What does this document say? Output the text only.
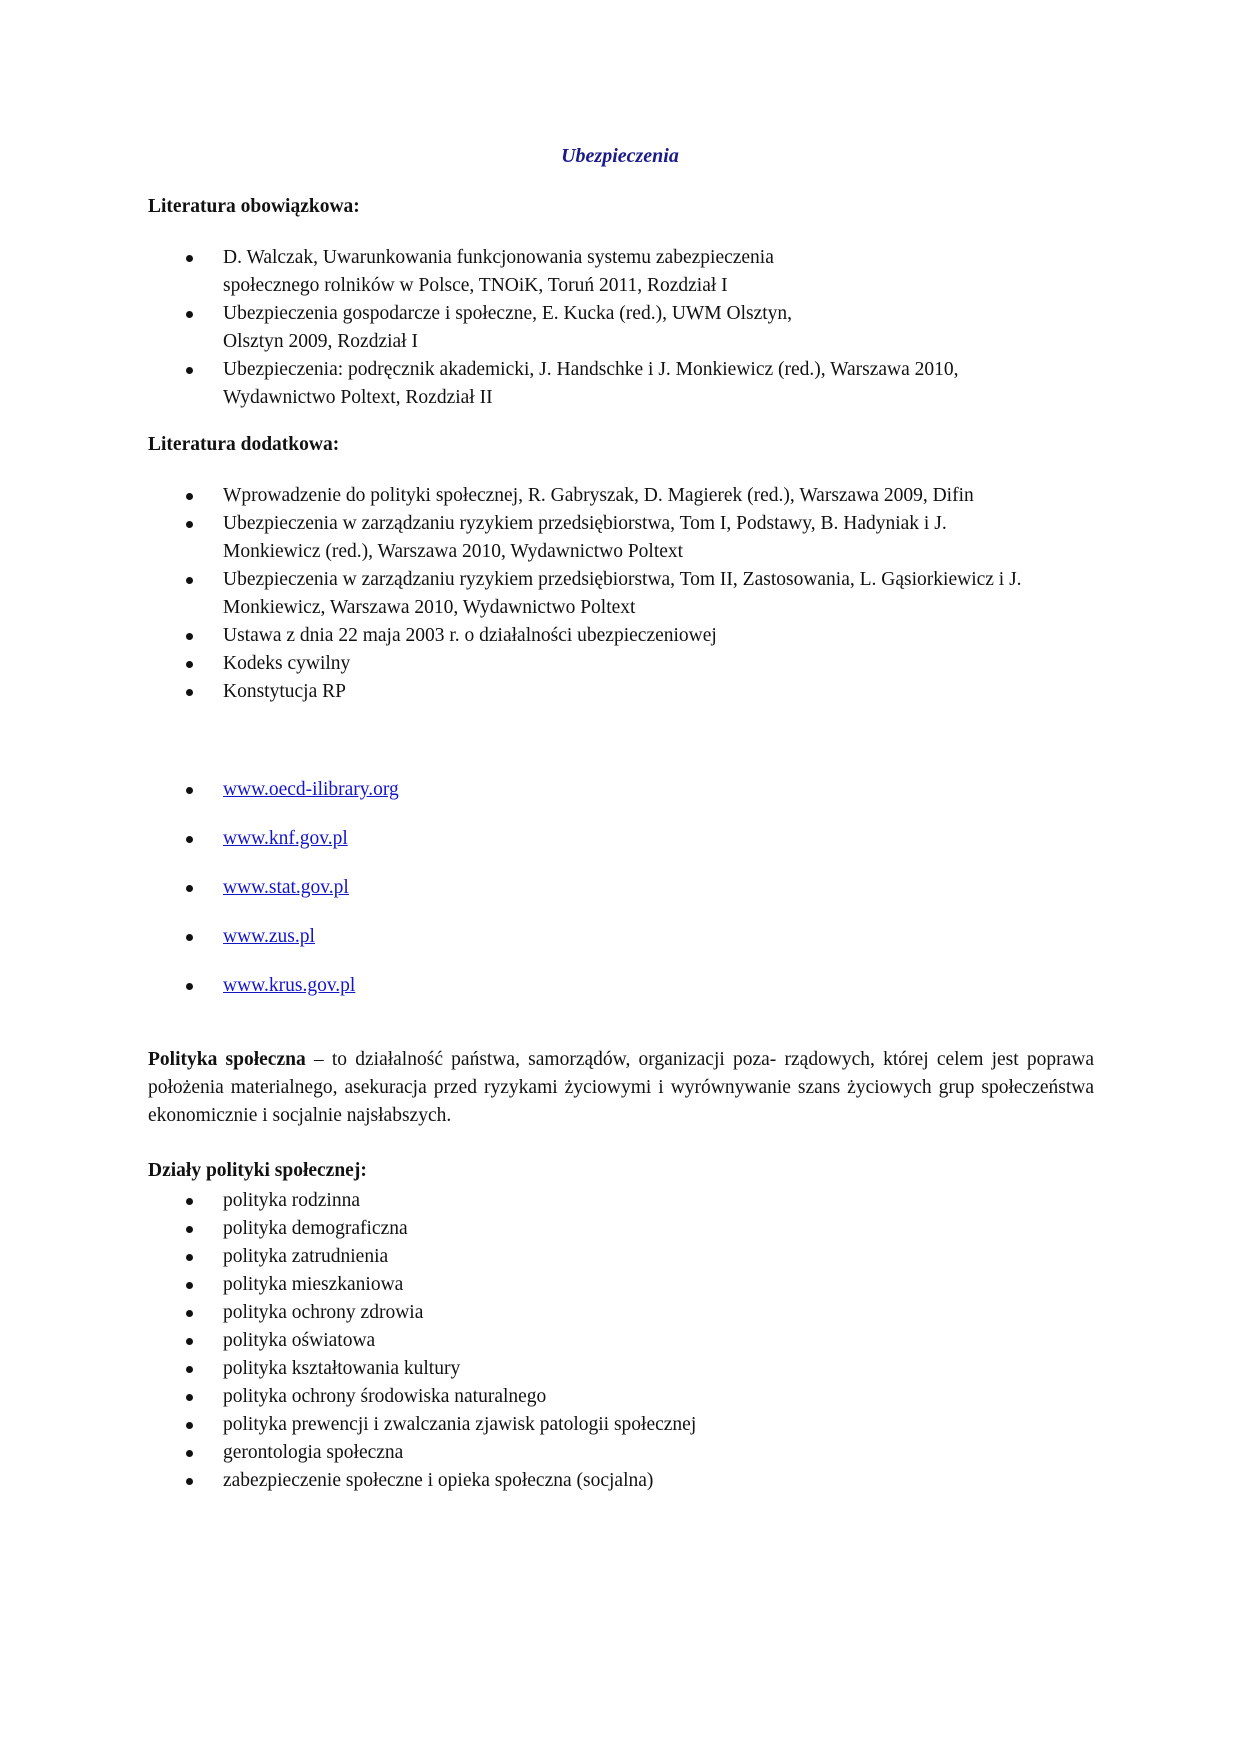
Ubezpieczenia
Literatura obowiązkowa:
D. Walczak, Uwarunkowania funkcjonowania systemu zabezpieczenia
społecznego rolników w Polsce, TNOiK, Toruń 2011, Rozdział I
Ubezpieczenia gospodarcze i społeczne, E. Kucka (red.), UWM Olsztyn,
Olsztyn 2009, Rozdział I
Ubezpieczenia: podręcznik akademicki, J. Handschke i J. Monkiewicz (red.), Warszawa 2010,
Wydawnictwo Poltext, Rozdział II
Literatura dodatkowa:
Wprowadzenie do polityki społecznej, R. Gabryszak, D. Magierek (red.), Warszawa 2009, Difin
Ubezpieczenia w zarządzaniu ryzykiem przedsiębiorstwa, Tom I, Podstawy, B. Hadyniak i J.
Monkiewicz (red.), Warszawa 2010, Wydawnictwo Poltext
Ubezpieczenia w zarządzaniu ryzykiem przedsiębiorstwa, Tom II, Zastosowania, L. Gąsiorkiewicz i J.
Monkiewicz, Warszawa 2010, Wydawnictwo Poltext
Ustawa z dnia 22 maja 2003 r. o działalności ubezpieczeniowej
Kodeks cywilny
Konstytucja RP
www.oecd-ilibrary.org
www.knf.gov.pl
www.stat.gov.pl
www.zus.pl
www.krus.gov.pl
Polityka społeczna – to działalność państwa, samorządów, organizacji poza- rządowych, której celem jest poprawa położenia materialnego, asekuracja przed ryzykami życiowymi i wyrównywanie szans życiowych grup społeczeństwa ekonomicznie i socjalnie najsłabszych.
Działy polityki społecznej:
polityka rodzinna
polityka demograficzna
polityka zatrudnienia
polityka mieszkaniowa
polityka ochrony zdrowia
polityka oświatowa
polityka kształtowania kultury
polityka ochrony środowiska naturalnego
polityka prewencji i zwalczania zjawisk patologii społecznej
gerontologia społeczna
zabezpieczenie społeczne i opieka społeczna (socjalna)
